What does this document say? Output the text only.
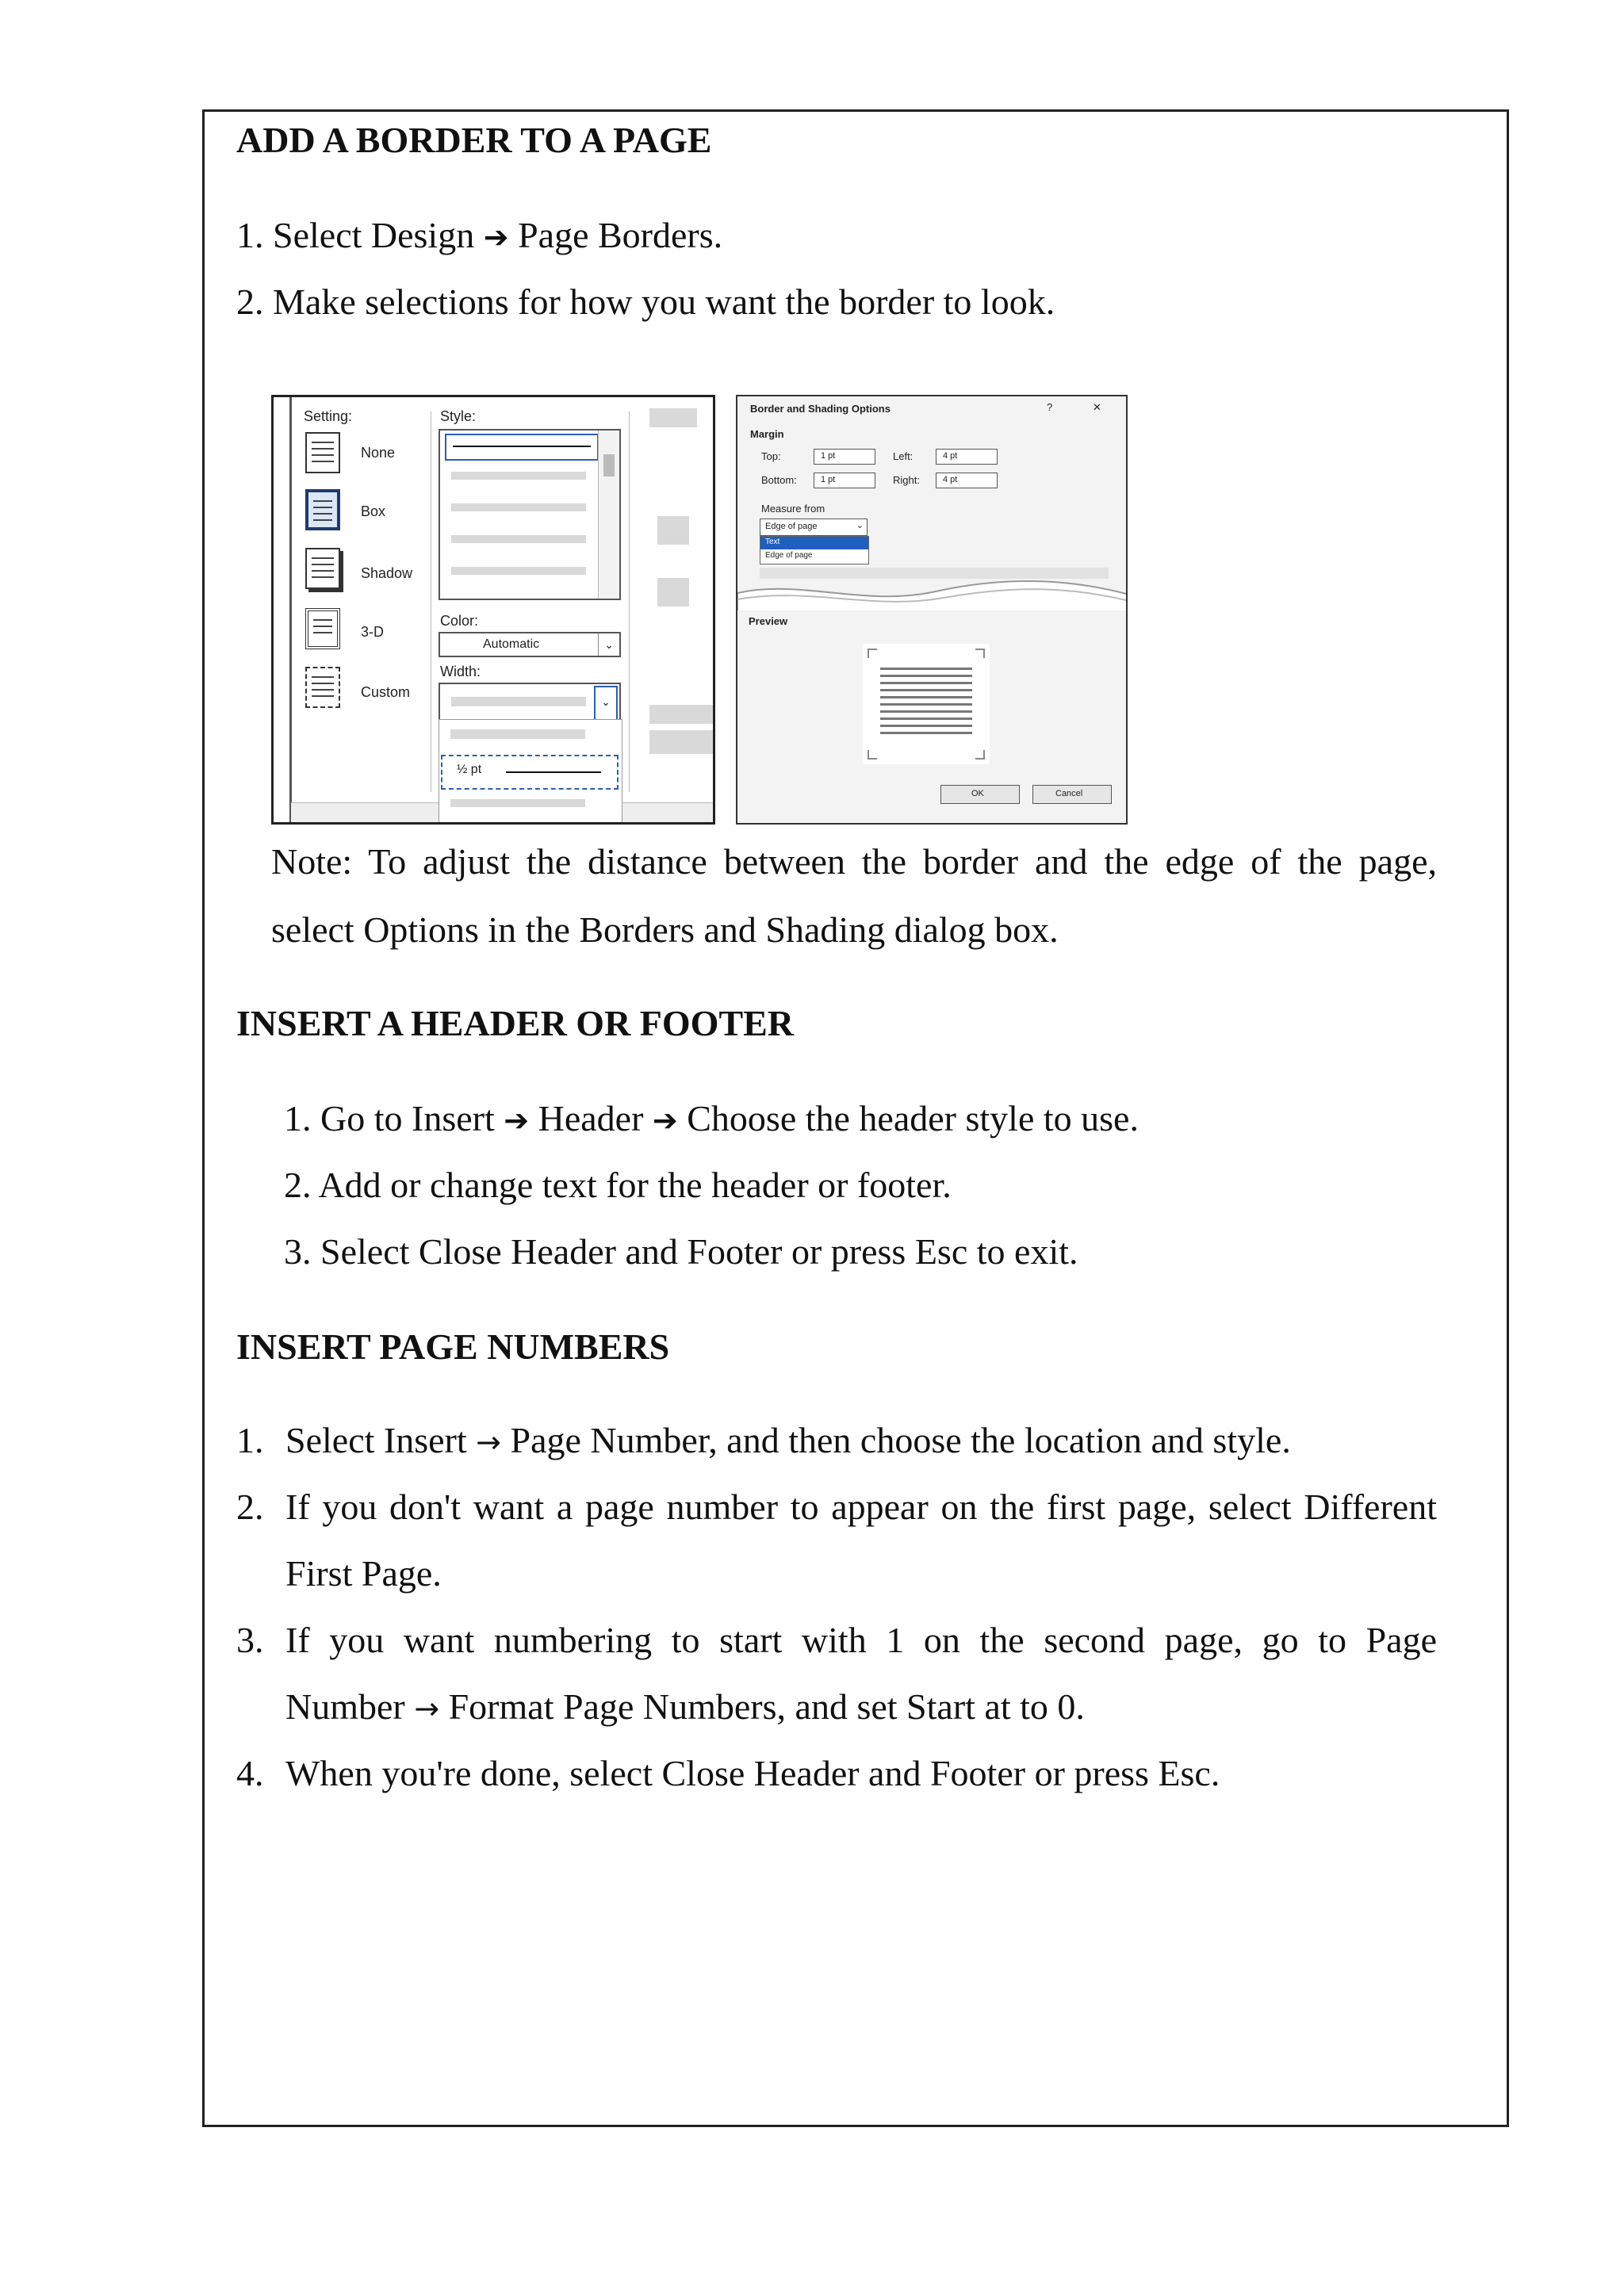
ADD A BORDER TO A PAGE
1. Select Design ➔ Page Borders.
2. Make selections for how you want the border to look.
Setting:	Style:
None
Box
Shadow
3-D
Custom
Color:
Automatic	⌄
Width:
⌄
½ pt
Border and Shading Options	?	✕
Margin
Top:	1 pt	Left:	4 pt
Bottom:	1 pt	Right:	4 pt
Measure from
Edge of page	⌄
Text
Edge of page
Preview
OK	Cancel
Note: To adjust the distance between the border and the edge of the page,
select Options in the Borders and Shading dialog box.
INSERT A HEADER OR FOOTER
1. Go to Insert ➔ Header ➔ Choose the header style to use.
2. Add or change text for the header or footer.
3. Select Close Header and Footer or press Esc to exit.
INSERT PAGE NUMBERS
1. Select Insert → Page Number, and then choose the location and style.
2. If you don't want a page number to appear on the first page, select Different
First Page.
3. If you want numbering to start with 1 on the second page, go to Page
Number → Format Page Numbers, and set Start at to 0.
4. When you're done, select Close Header and Footer or press Esc.
